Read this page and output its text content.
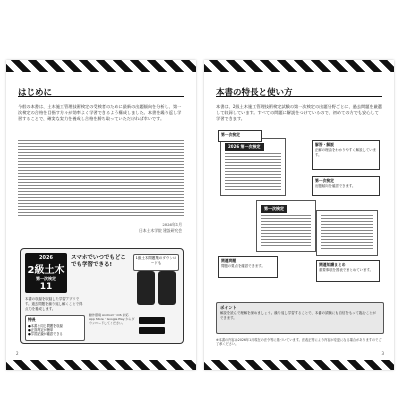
はじめに

今般の本書は、土木施工管理技術検定の受検者のために最新の出題傾向を分析し、第一次検定の合格を目指す方々が効率よく学習できるよう構成しました。本書を繰り返し学習することで、確実な実力を養成し合格を勝ち取っていただければ幸いです。

2026年1月
日本土木学院 建設研究会
2026
2級土木
第一次検定
11
スマホでいつでもどこでも学習できる!
1級土木問題集のダウンロードも
本書の収録を収録した学習アプリです。過去問題を繰り返し解くことで得点力を養成します。
特長
●本書と同じ問題を収録
●正誤判定が簡単
●学習記録が確認できる
動作環境 Android・iOS 対応 App Store・Google Play からダウンロードしてください。
2
本書の特長と使い方

本書は、2級土木施工管理技術検定試験の第一次検定の出題分野ごとに、過去問題を厳選して収録しています。すべての問題に解説をつけているので、初めての方でも安心して学習できます。

2026 第一次検定
第一次検定
第一次検定
解答・解説
正解の理由をわかりやすく解説しています。
第一次検定
出題傾向を確認できます。
関連問題
問題の要点を確認できます。	関連知識まとめ
重要事項を図表でまとめています。
ポイント
解説を読んで理解を深めましょう。繰り返し学習することで、本番の試験にも自信をもって臨むことができます。
※本書の内容は2026年1月現在の法令等に基づいています。法改正等により内容が変更になる場合がありますのでご了承ください。
3
